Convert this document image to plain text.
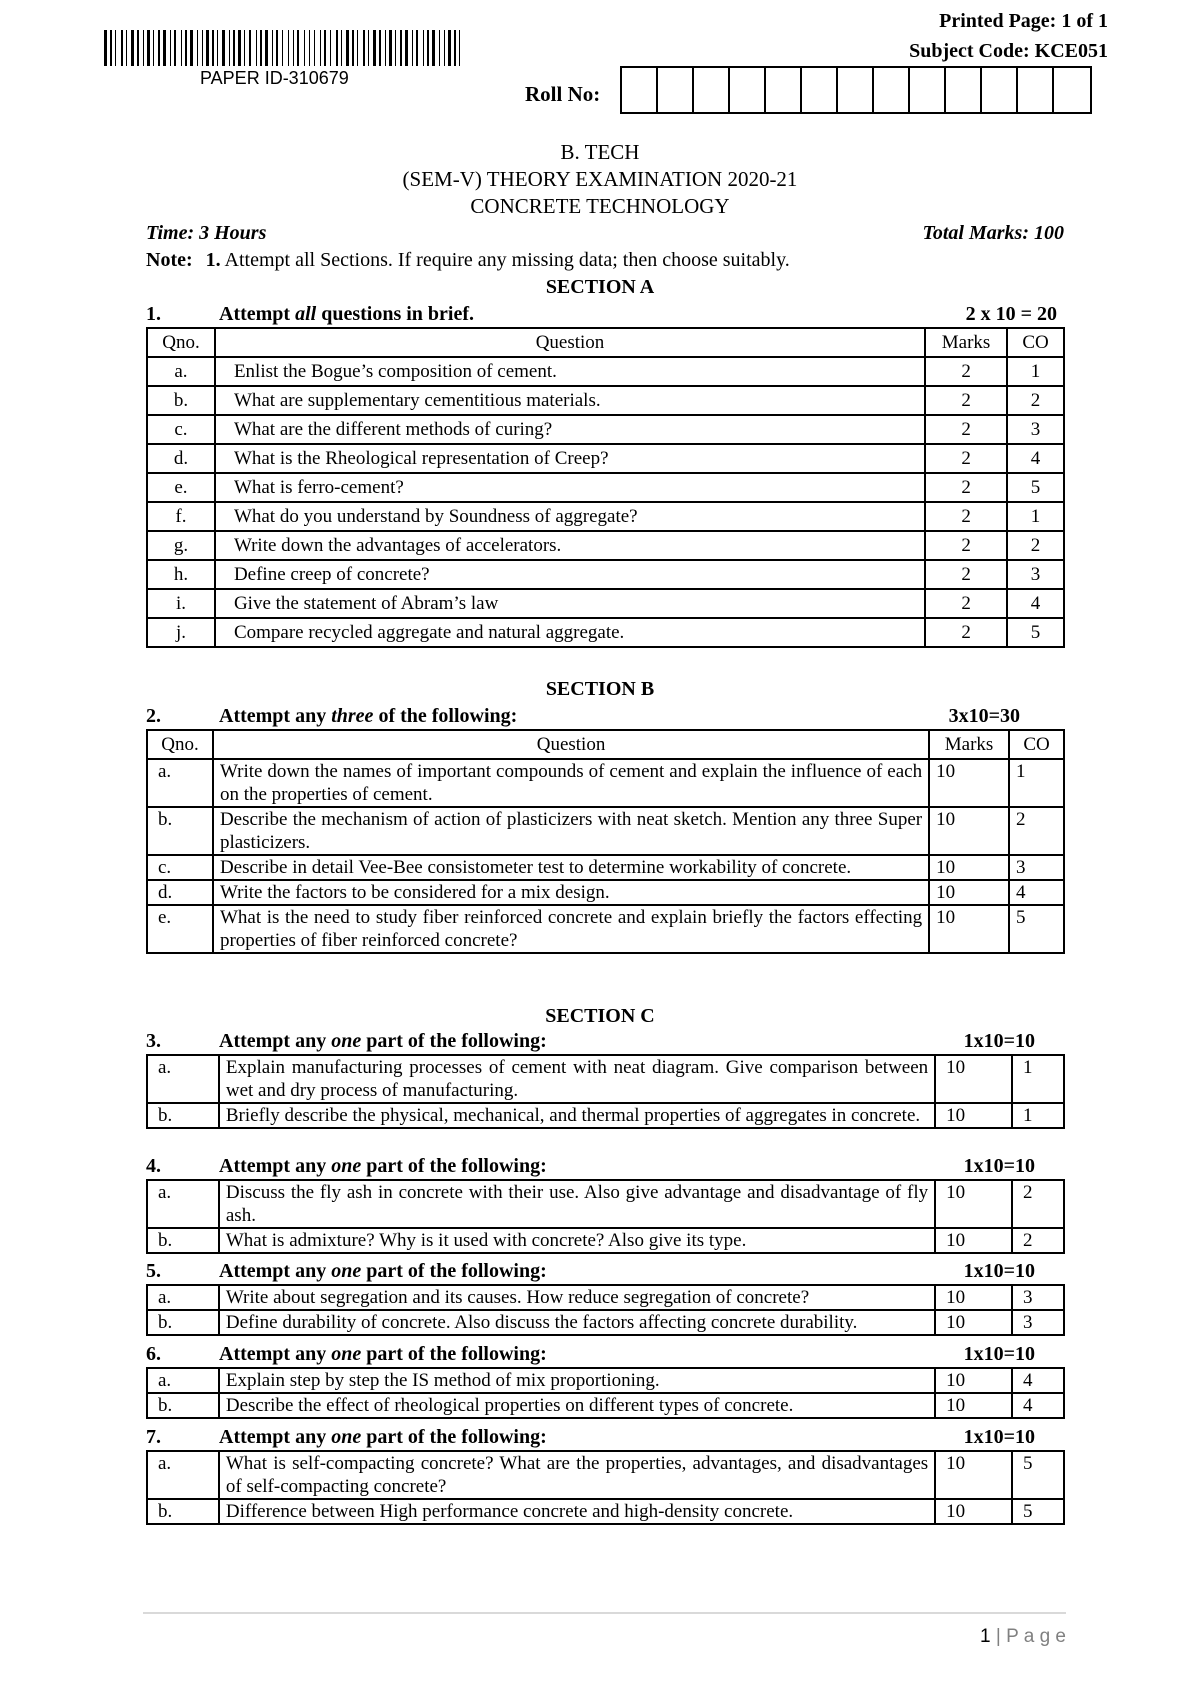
PAPER ID-310679
Printed Page: 1 of 1
Subject Code: KCE051
Roll No:
B. TECH
(SEM-V) THEORY EXAMINATION 2020-21
CONCRETE TECHNOLOGY
Time: 3 Hours	Total Marks: 100
Note: 1. Attempt all Sections. If require any missing data; then choose suitably.
SECTION A
1.	Attempt all questions in brief.	2 x 10 = 20
Qno.	Question	Marks	CO
a.	Enlist the Bogue’s composition of cement.	2	1
b.	What are supplementary cementitious materials.	2	2
c.	What are the different methods of curing?	2	3
d.	What is the Rheological representation of Creep?	2	4
e.	What is ferro-cement?	2	5
f.	What do you understand by Soundness of aggregate?	2	1
g.	Write down the advantages of accelerators.	2	2
h.	Define creep of concrete?	2	3
i.	Give the statement of Abram’s law	2	4
j.	Compare recycled aggregate and natural aggregate.	2	5
SECTION B
2.	Attempt any three of the following:	3x10=30
Qno.	Question	Marks	CO
a.	Write down the names of important compounds of cement and explain the influence of each on the properties of cement.	10	1
b.	Describe the mechanism of action of plasticizers with neat sketch. Mention any three Super plasticizers.	10	2
c.	Describe in detail Vee-Bee consistometer test to determine workability of concrete.	10	3
d.	Write the factors to be considered for a mix design.	10	4
e.	What is the need to study fiber reinforced concrete and explain briefly the factors effecting properties of fiber reinforced concrete?	10	5
SECTION C
3.	Attempt any one part of the following:	1x10=10
a.	Explain manufacturing processes of cement with neat diagram. Give comparison between wet and dry process of manufacturing.	10	1
b.	Briefly describe the physical, mechanical, and thermal properties of aggregates in concrete.	10	1
4.	Attempt any one part of the following:	1x10=10
a.	Discuss the fly ash in concrete with their use. Also give advantage and disadvantage of fly ash.	10	2
b.	What is admixture? Why is it used with concrete? Also give its type.	10	2
5.	Attempt any one part of the following:	1x10=10
a.	Write about segregation and its causes. How reduce segregation of concrete?	10	3
b.	Define durability of concrete. Also discuss the factors affecting concrete durability.	10	3
6.	Attempt any one part of the following:	1x10=10
a.	Explain step by step the IS method of mix proportioning.	10	4
b.	Describe the effect of rheological properties on different types of concrete.	10	4
7.	Attempt any one part of the following:	1x10=10
a.	What is self-compacting concrete? What are the properties, advantages, and disadvantages of self-compacting concrete?	10	5
b.	Difference between High performance concrete and high-density concrete.	10	5
1 | P a g e
